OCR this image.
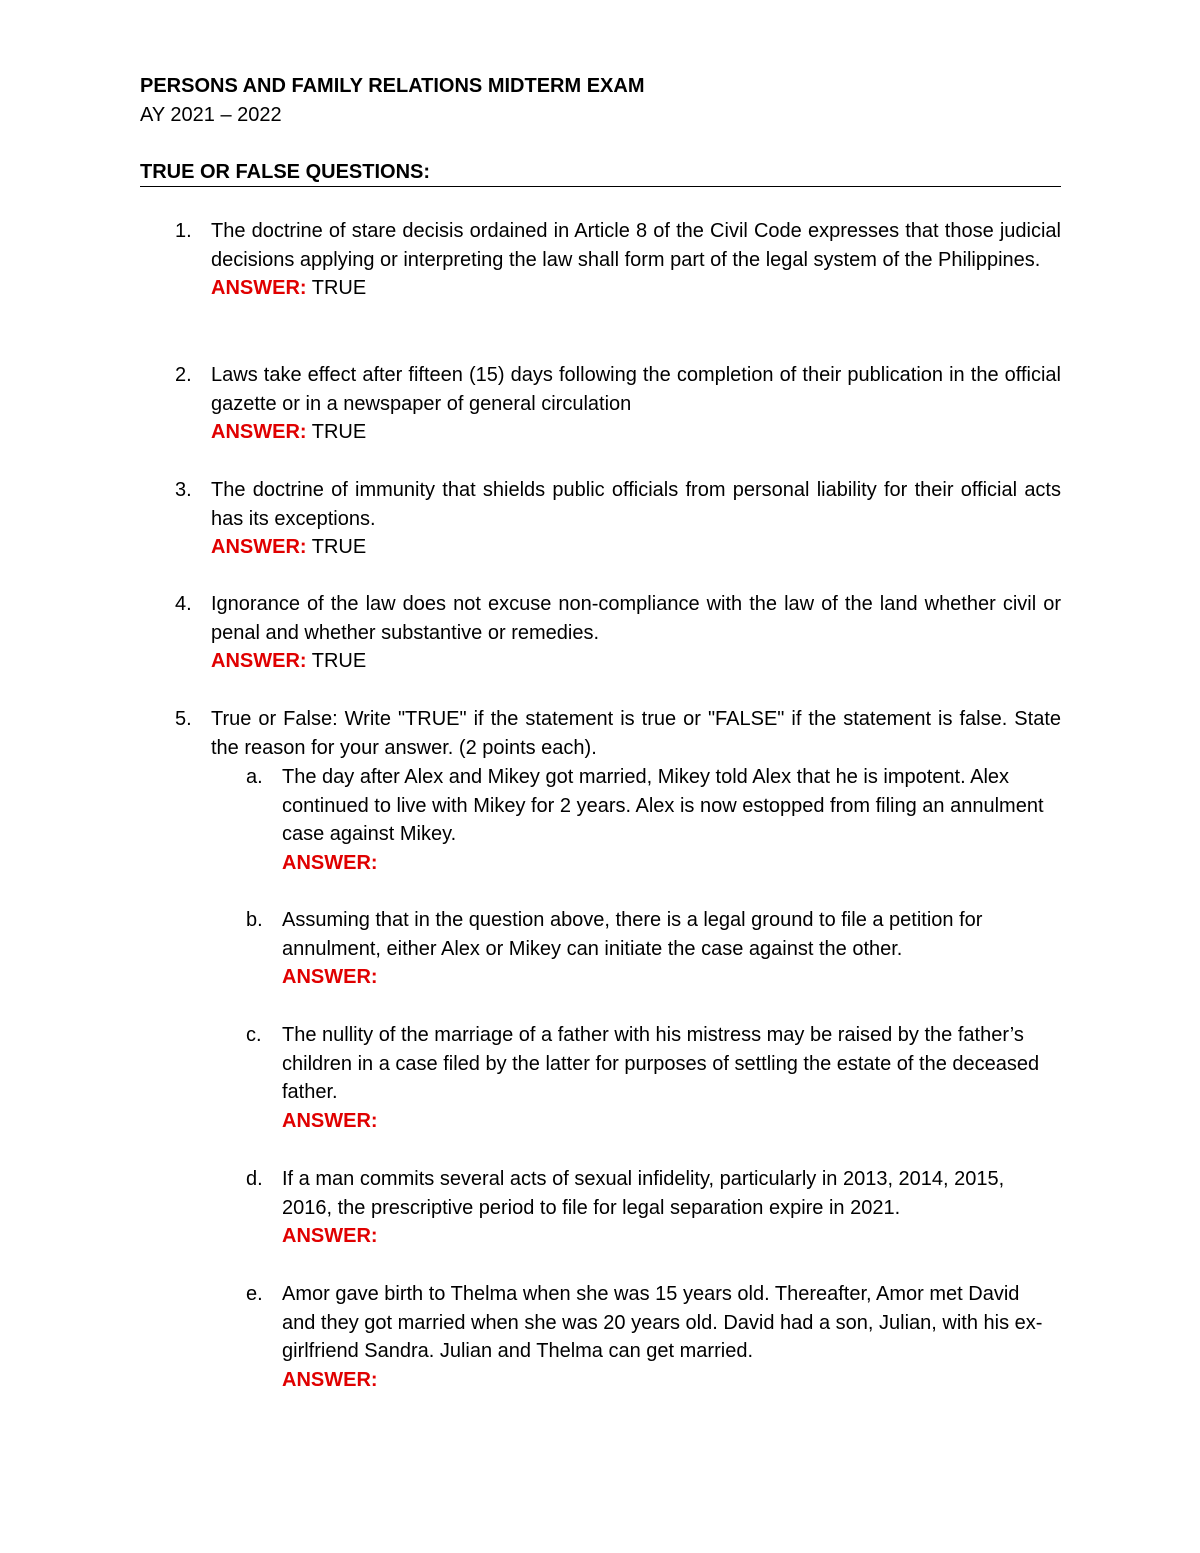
PERSONS AND FAMILY RELATIONS MIDTERM EXAM
AY 2021 – 2022
TRUE OR FALSE QUESTIONS:
1. The doctrine of stare decisis ordained in Article 8 of the Civil Code expresses that those judicial decisions applying or interpreting the law shall form part of the legal system of the Philippines.
ANSWER: TRUE
2. Laws take effect after fifteen (15) days following the completion of their publication in the official gazette or in a newspaper of general circulation
ANSWER: TRUE
3. The doctrine of immunity that shields public officials from personal liability for their official acts has its exceptions.
ANSWER: TRUE
4. Ignorance of the law does not excuse non-compliance with the law of the land whether civil or penal and whether substantive or remedies.
ANSWER: TRUE
5. True or False: Write "TRUE" if the statement is true or "FALSE" if the statement is false. State the reason for your answer. (2 points each).
a. The day after Alex and Mikey got married, Mikey told Alex that he is impotent. Alex continued to live with Mikey for 2 years. Alex is now estopped from filing an annulment case against Mikey.
ANSWER:
b. Assuming that in the question above, there is a legal ground to file a petition for annulment, either Alex or Mikey can initiate the case against the other.
ANSWER:
c.	The nullity of the marriage of a father with his mistress may be raised by the father’s children in a case filed by the latter for purposes of settling the estate of the deceased father.
ANSWER:
d. If a man commits several acts of sexual infidelity, particularly in 2013, 2014, 2015, 2016, the prescriptive period to file for legal separation expire in 2021.
ANSWER:
e. Amor gave birth to Thelma when she was 15 years old. Thereafter, Amor met David and they got married when she was 20 years old. David had a son, Julian, with his ex-girlfriend Sandra. Julian and Thelma can get married.
ANSWER:
